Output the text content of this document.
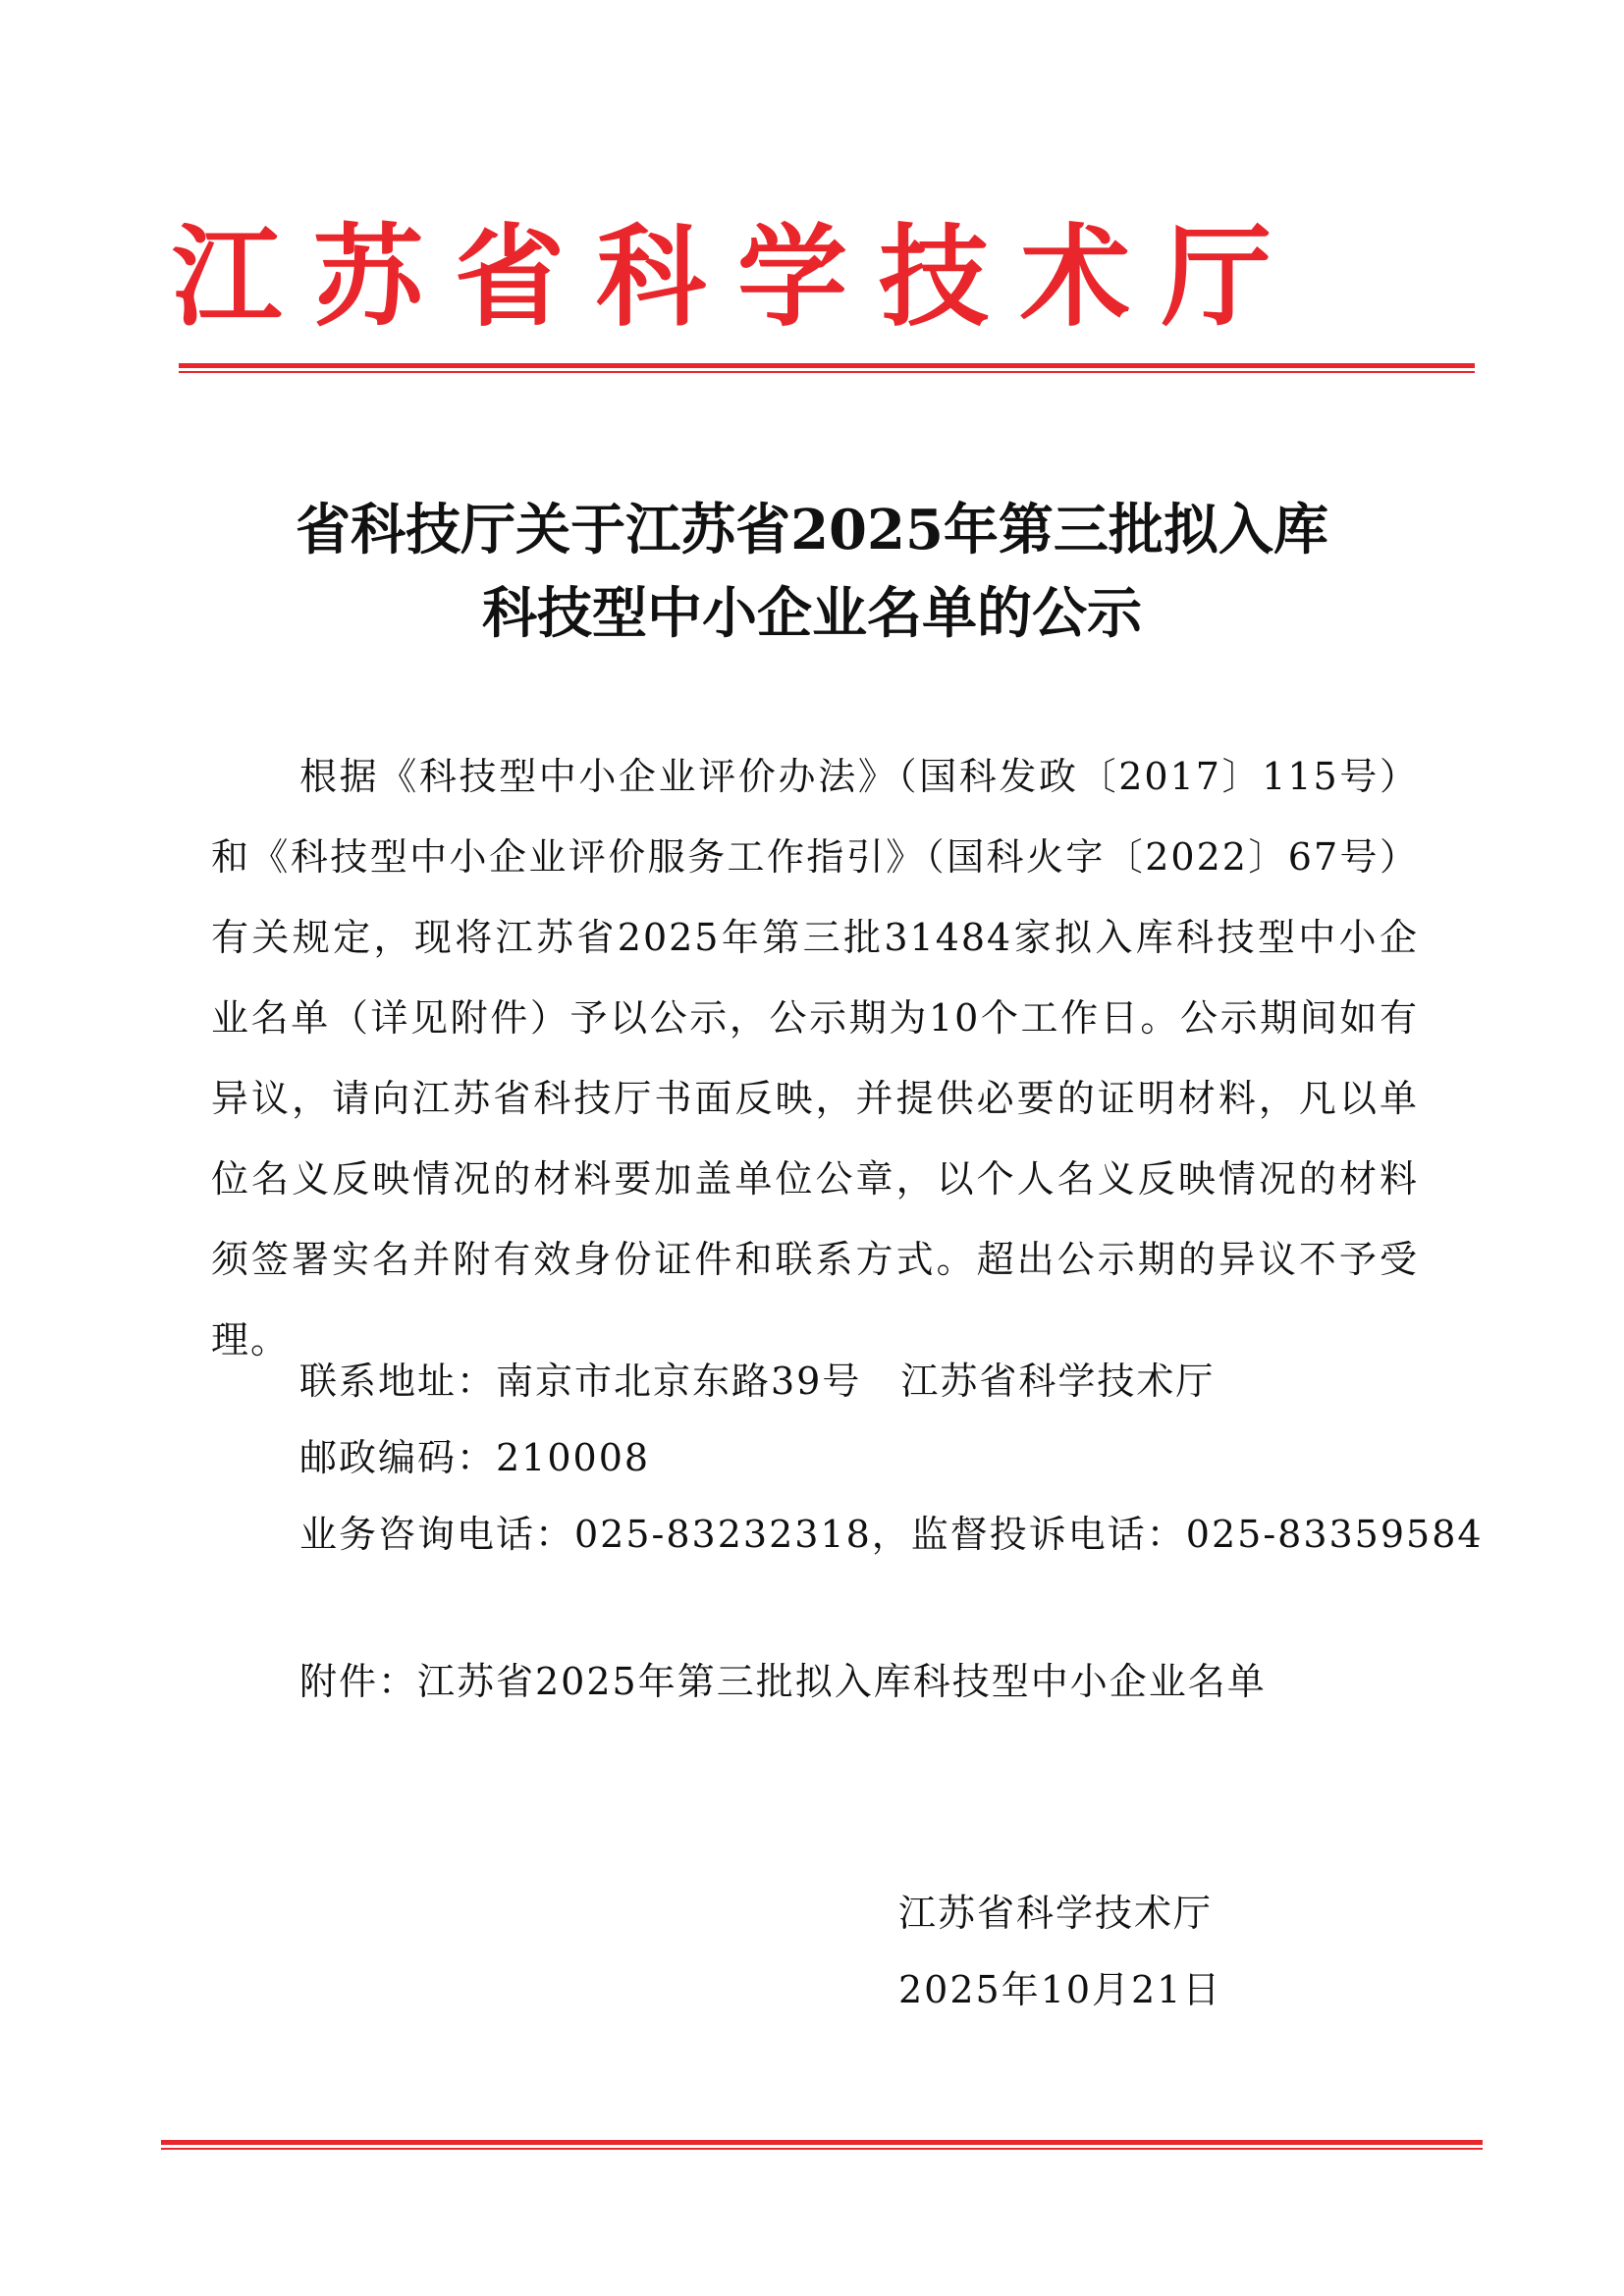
江苏省科学技术厅
省科技厅关于江苏省2025年第三批拟入库
科技型中小企业名单的公示
根据《科技型中小企业评价办法》（国科发政〔2017〕115号）和《科技型中小企业评价服务工作指引》（国科火字〔2022〕67号）有关规定，现将江苏省2025年第三批31484家拟入库科技型中小企业名单（详见附件）予以公示，公示期为10个工作日。公示期间如有异议，请向江苏省科技厅书面反映，并提供必要的证明材料，凡以单位名义反映情况的材料要加盖单位公章，以个人名义反映情况的材料须签署实名并附有效身份证件和联系方式。超出公示期的异议不予受理。
联系地址：南京市北京东路39号　江苏省科学技术厅
邮政编码：210008
业务咨询电话：025-83232318，监督投诉电话：025-83359584
附件：江苏省2025年第三批拟入库科技型中小企业名单
江苏省科学技术厅
2025年10月21日
